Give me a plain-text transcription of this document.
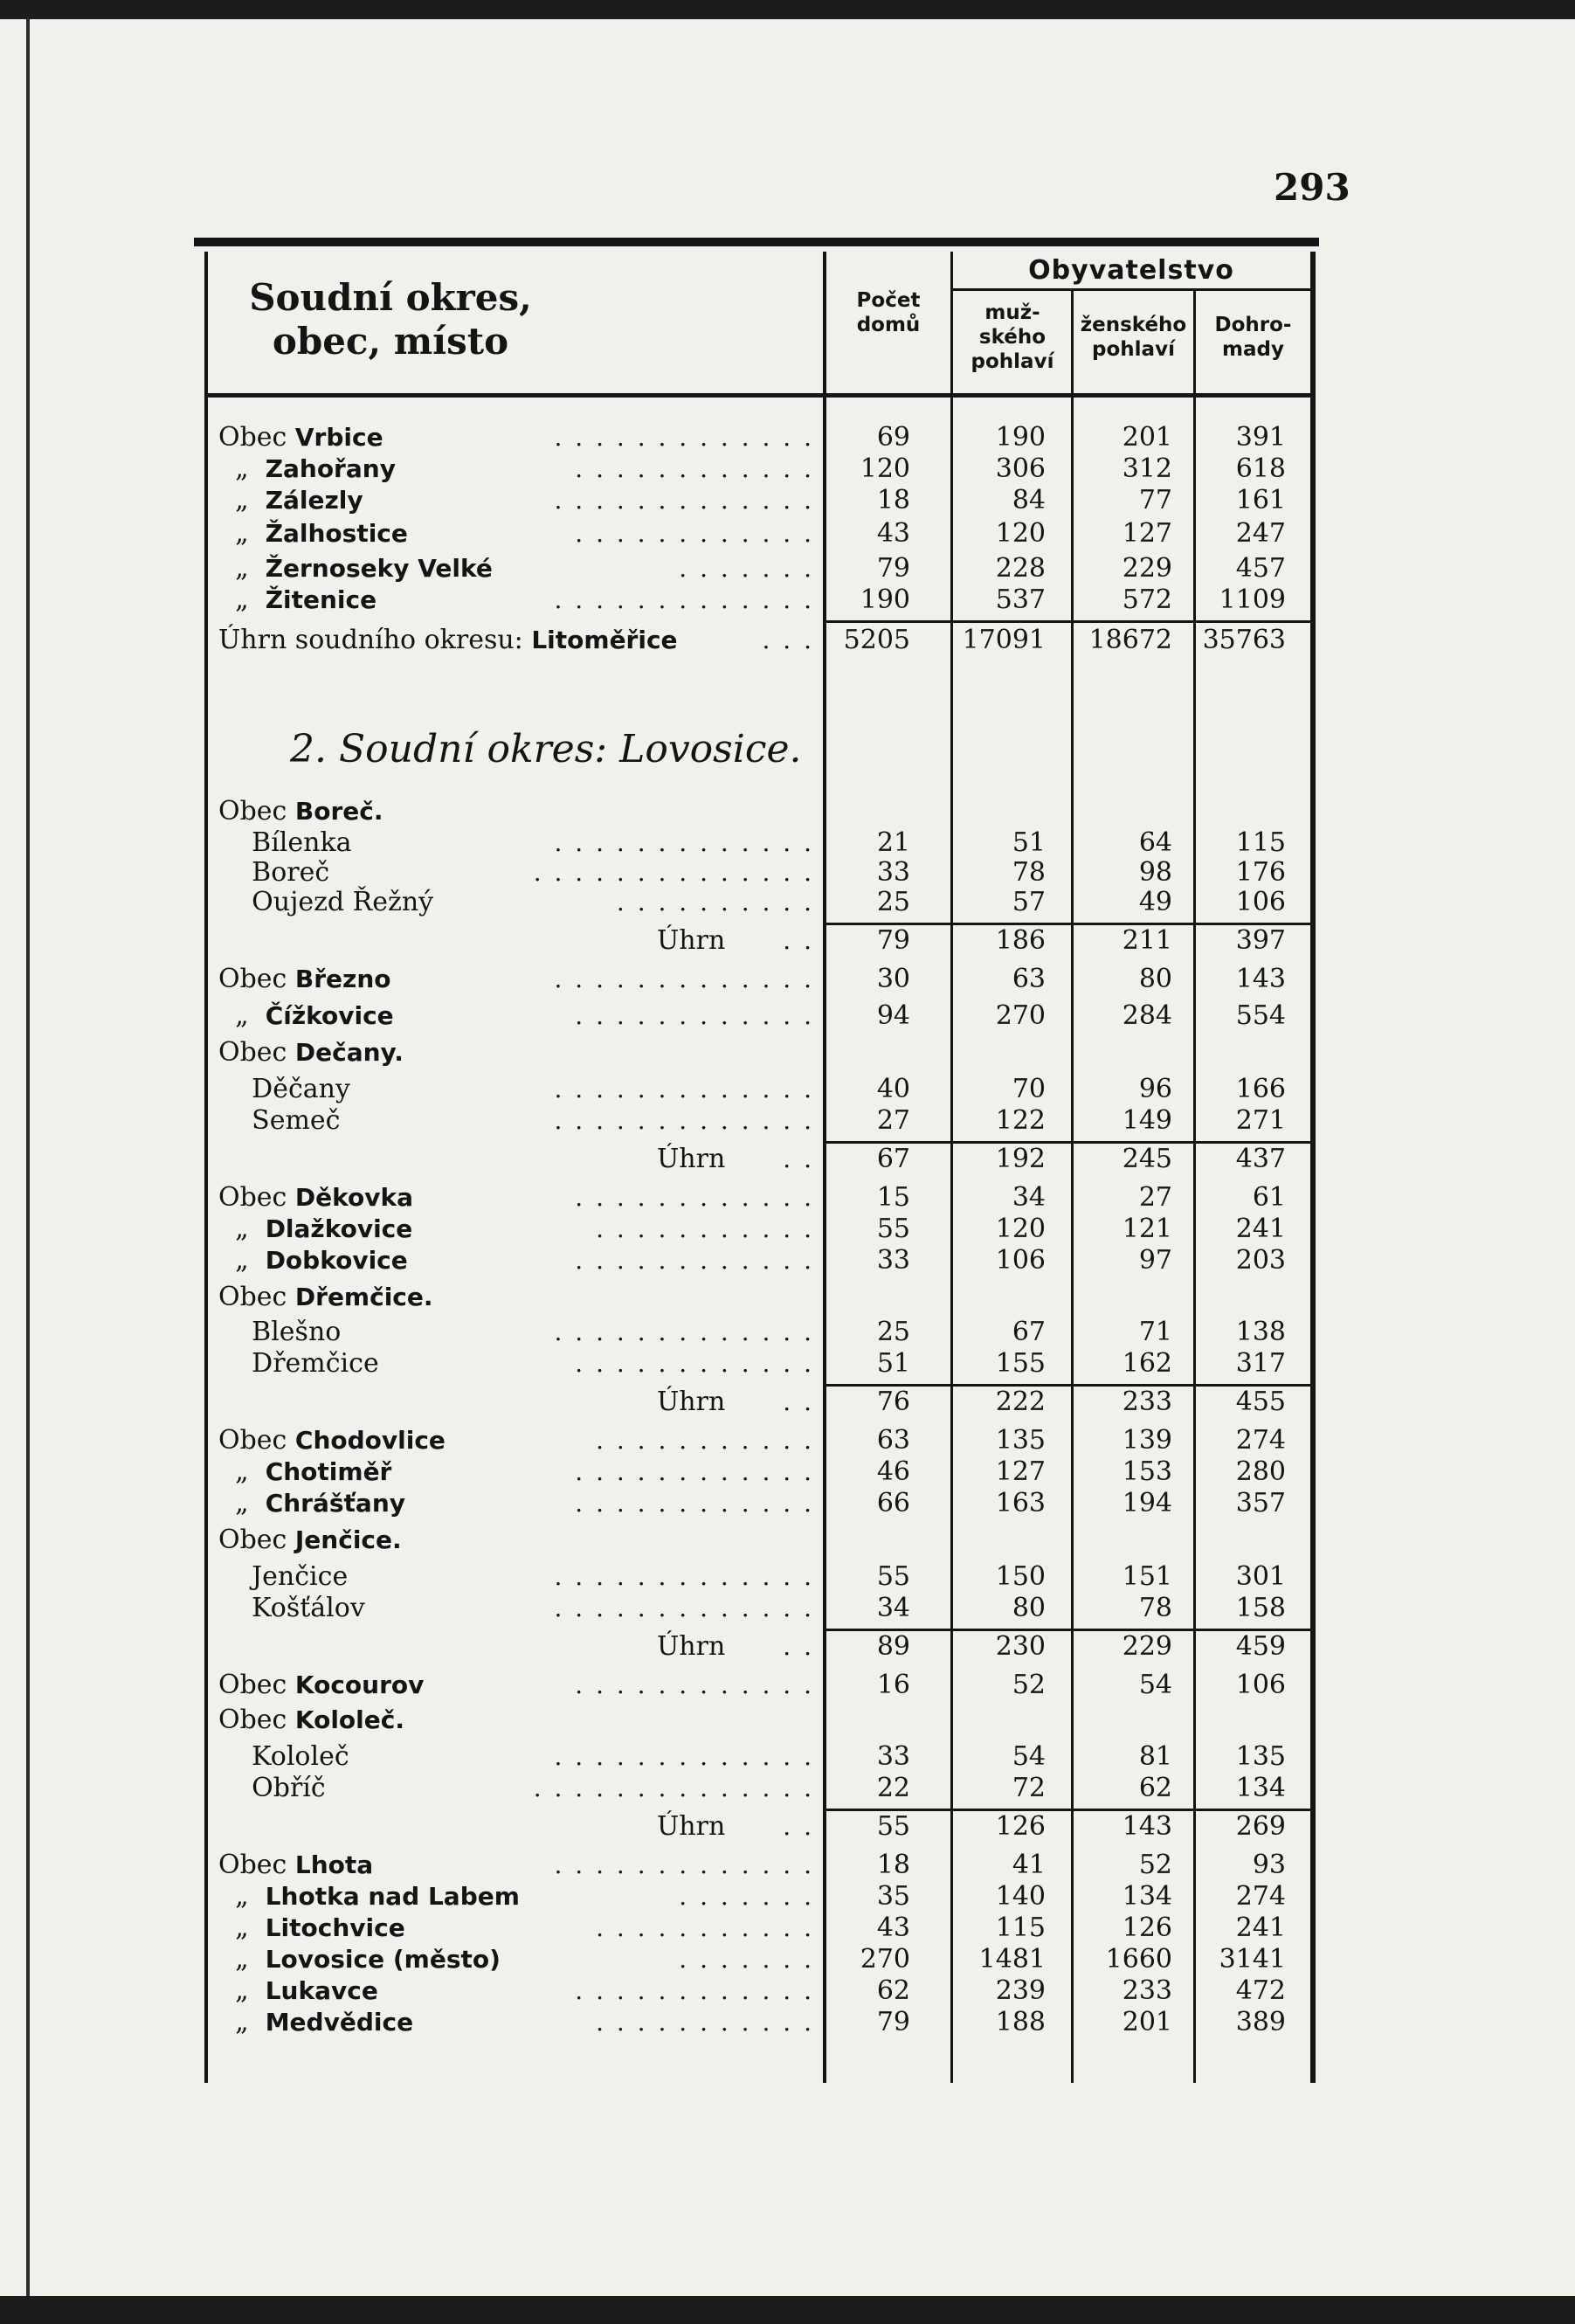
293
Soudní okres,
obec, místo
Počet
domů
Obyvatelstvo
muž-
ského
pohlaví
ženského
pohlaví
Dohro-
mady
2. Soudní okres: Lovosice.
Obec Vrbice	. . . . . . . . . . . . .	69	190	201	391
„  Zahořany	. . . . . . . . . . . .	120	306	312	618
„  Zálezly	. . . . . . . . . . . . .	18	84	77	161
„  Žalhostice	. . . . . . . . . . . .	43	120	127	247
„  Žernoseky Velké	. . . . . . .	79	228	229	457
„  Žitenice	. . . . . . . . . . . . .	190	537	572	1109
Úhrn soudního okresu: Litoměřice	. . .	5205	17091	18672	35763
Obec Boreč.
Bílenka	. . . . . . . . . . . . .	21	51	64	115
Boreč	. . . . . . . . . . . . . .	33	78	98	176
Oujezd Řežný	. . . . . . . . . .	25	57	49	106
Úhrn	. .	79	186	211	397
Obec Březno	. . . . . . . . . . . . .	30	63	80	143
„  Čížkovice	. . . . . . . . . . . .	94	270	284	554
Obec Dečany.
Děčany	. . . . . . . . . . . . .	40	70	96	166
Semeč	. . . . . . . . . . . . .	27	122	149	271
Úhrn	. .	67	192	245	437
Obec Děkovka	. . . . . . . . . . . .	15	34	27	61
„  Dlažkovice	. . . . . . . . . . .	55	120	121	241
„  Dobkovice	. . . . . . . . . . . .	33	106	97	203
Obec Dřemčice.
Blešno	. . . . . . . . . . . . .	25	67	71	138
Dřemčice	. . . . . . . . . . . .	51	155	162	317
Úhrn	. .	76	222	233	455
Obec Chodovlice	. . . . . . . . . . .	63	135	139	274
„  Chotiměř	. . . . . . . . . . . .	46	127	153	280
„  Chrášťany	. . . . . . . . . . . .	66	163	194	357
Obec Jenčice.
Jenčice	. . . . . . . . . . . . .	55	150	151	301
Košťálov	. . . . . . . . . . . . .	34	80	78	158
Úhrn	. .	89	230	229	459
Obec Kocourov	. . . . . . . . . . . .	16	52	54	106
Obec Kololeč.
Kololeč	. . . . . . . . . . . . .	33	54	81	135
Obříč	. . . . . . . . . . . . . .	22	72	62	134
Úhrn	. .	55	126	143	269
Obec Lhota	. . . . . . . . . . . . .	18	41	52	93
„  Lhotka nad Labem	. . . . . . .	35	140	134	274
„  Litochvice	. . . . . . . . . . .	43	115	126	241
„  Lovosice (město)	. . . . . . .	270	1481	1660	3141
„  Lukavce	. . . . . . . . . . . .	62	239	233	472
„  Medvědice	. . . . . . . . . . .	79	188	201	389
